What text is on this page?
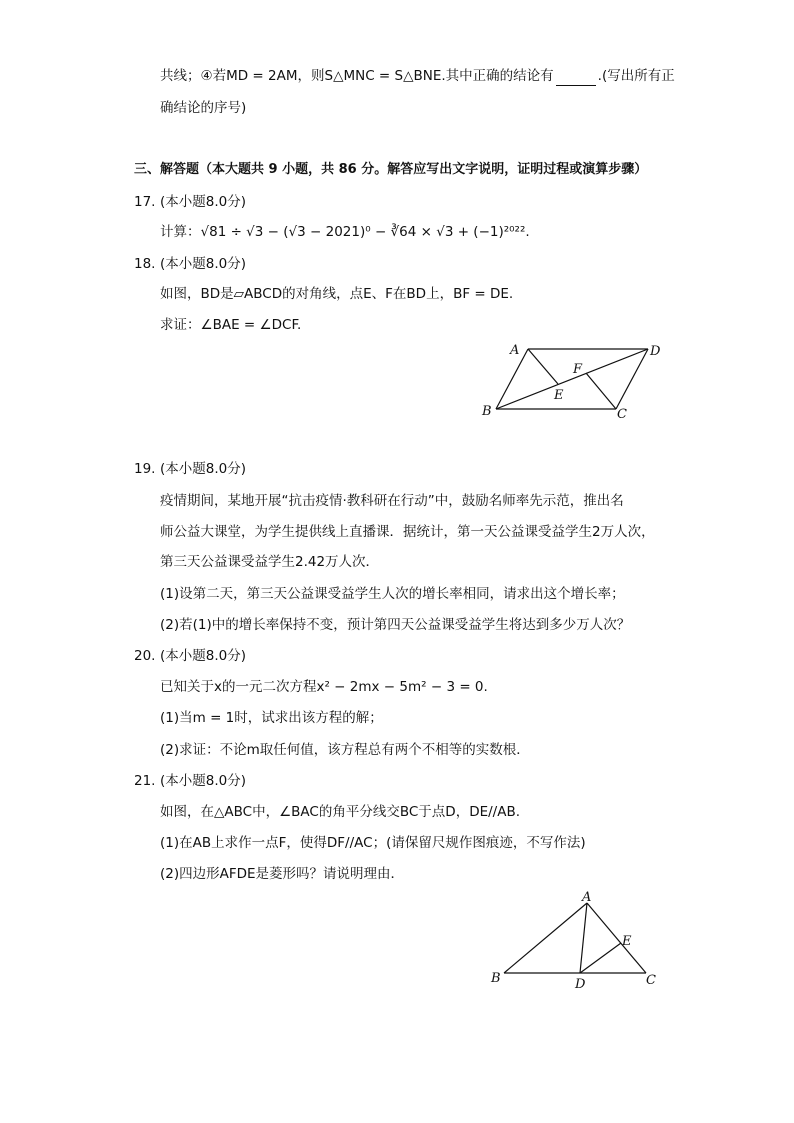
共线；④若MD = 2AM，则S△MNC = S△BNE.其中正确的结论有	.(写出所有正
确结论的序号)
三、解答题（本大题共 9 小题，共 86 分。解答应写出文字说明，证明过程或演算步骤）
17. (本小题8.0分)
计算：√81 ÷ √3 − (√3 − 2021)⁰ − ∛64 × √3 + (−1)²⁰²².
18. (本小题8.0分)
如图，BD是▱ABCD的对角线，点E、F在BD上，BF = DE.
求证：∠BAE = ∠DCF.
A	D
F
E
B	C
19. (本小题8.0分)
疫情期间，某地开展“抗击疫情·教科研在行动”中，鼓励名师率先示范，推出名
师公益大课堂，为学生提供线上直播课．据统计，第一天公益课受益学生2万人次，
第三天公益课受益学生2.42万人次．
(1)设第二天，第三天公益课受益学生人次的增长率相同，请求出这个增长率；
(2)若(1)中的增长率保持不变，预计第四天公益课受益学生将达到多少万人次？
20. (本小题8.0分)
已知关于x的一元二次方程x² − 2mx − 5m² − 3 = 0.
(1)当m = 1时，试求出该方程的解；
(2)求证：不论m取任何值，该方程总有两个不相等的实数根．
21. (本小题8.0分)
如图，在△ABC中，∠BAC的角平分线交BC于点D，DE//AB.
(1)在AB上求作一点F，使得DF//AC；(请保留尺规作图痕迹，不写作法)
(2)四边形AFDE是菱形吗？请说明理由．
A
E
B	D	C
